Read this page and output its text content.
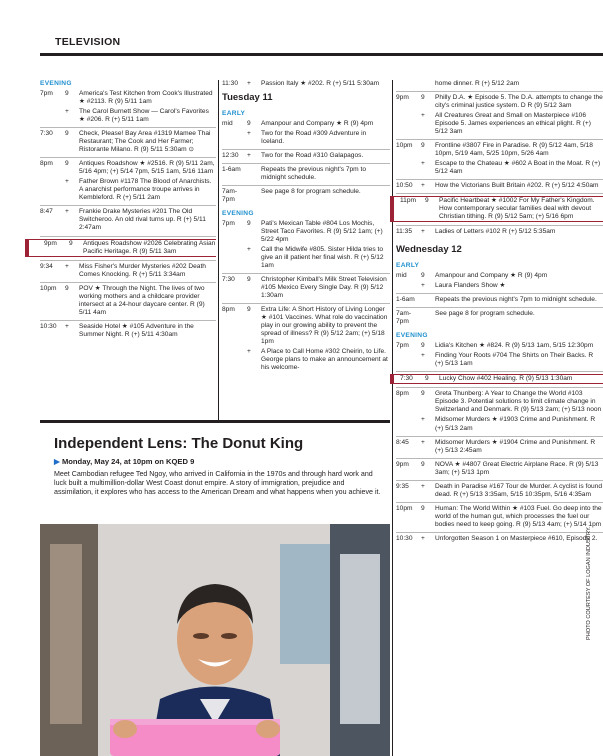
TELEVISION
EVENING
7pm	9	America's Test Kitchen from Cook's Illustrated ★ #2113. R (9) 5/11 1am
+	The Carol Burnett Show — Carol's Favorites ★ #206. R (+) 5/11 1am
7:30	9	Check, Please! Bay Area #1319 Mamee Thai Restaurant; The Cook and Her Farmer; Ristorante Milano. R (9) 5/11 5:30am ⊙
8pm	9	Antiques Roadshow ★ #2516. R (9) 5/11 2am, 5/16 4pm; (+) 5/14 7pm, 5/15 1am, 5/16 11am
+	Father Brown #1178 The Blood of Anarchists. A anarchist performance troupe arrives in Kembleford. R (+) 5/11 2am
8:47	+	Frankie Drake Mysteries #201 The Old Switcheroo. An old rival turns up. R (+) 5/11 2:47am
9pm	9	Antiques Roadshow #2026 Celebrating Asian Pacific Heritage. R (9) 5/11 3am
9:34	+	Miss Fisher's Murder Mysteries #202 Death Comes Knocking. R (+) 5/11 3:34am
10pm	9	POV ★ Through the Night. The lives of two working mothers and a childcare provider intersect at a 24-hour daycare center. R (9) 5/11 4am
10:30	+	Seaside Hotel ★ #105 Adventure in the Summer Night. R (+) 5/11 4:30am
11:30	+	Passion Italy ★ #202. R (+) 5/11 5:30am
Tuesday 11
EARLY
mid	9	Amanpour and Company ★ R (9) 4pm
+	Two for the Road #309 Adventure in Iceland.
12:30	+	Two for the Road #310 Galapagos.
1-6am	Repeats the previous night's 7pm to midnight schedule.
7am-7pm
See page 8 for program schedule.
EVENING
7pm	9	Pati's Mexican Table #804 Los Mochis, Street Taco Favorites. R (9) 5/12 1am; (+) 5/22 4pm
+	Call the Midwife #805. Sister Hilda tries to give an ill patient her final wish. R (+) 5/12 1am
7:30	9	Christopher Kimball's Milk Street Television #105 Mexico Every Single Day. R (9) 5/12 1:30am
8pm	9	Extra Life: A Short History of Living Longer ★ #101 Vaccines. What role do vaccination play in our growing ability to prevent the spread of illness? R (9) 5/12 2am; (+) 5/18 1pm
+	A Place to Call Home #302 Cheirin, to Life. George plans to make an announcement at his welcome-
home dinner. R (+) 5/12 2am
9pm	9	Philly D.A. ★ Episode 5. The D.A. attempts to change the city's criminal justice system. D R (9) 5/12 3am
+	All Creatures Great and Small on Masterpiece #106 Episode 5. James experiences an ethical plight. R (+) 5/12 3am
10pm	9	Frontline #3807 Fire in Paradise. R (9) 5/12 4am, 5/18 10pm, 5/19 4am, 5/25 10pm, 5/26 4am
+	Escape to the Chateau ★ #602 A Boat in the Moat. R (+) 5/12 4am
10:50	+	How the Victorians Built Britain #202. R (+) 5/12 4:50am
11pm	9	Pacific Heartbeat ★ #1002 For My Father's Kingdom. How contemporary secular families deal with devout Christian tithing. R (9) 5/12 5am; (+) 5/16 6pm
11:35	+	Ladies of Letters #102 R (+) 5/12 5:35am
Wednesday 12
EARLY
mid	9	Amanpour and Company ★ R (9) 4pm
+	Laura Flanders Show ★
1-6am	Repeats the previous night's 7pm to midnight schedule.
7am-7pm
See page 8 for program schedule.
EVENING
7pm	9	Lidia's Kitchen ★ #824. R (9) 5/13 1am, 5/15 12:30pm
+	Finding Your Roots #704 The Shirts on Their Backs. R (+) 5/13 1am
7:30	9	Lucky Chow #402 Healing. R (9) 5/13 1:30am
8pm	9	Greta Thunberg: A Year to Change the World #103 Episode 3. Potential solutions to limit climate change in Switzerland and Denmark. R (9) 5/13 2am; (+) 5/13 noon
+	Midsomer Murders ★ #1903 Crime and Punishment. R (+) 5/13 2am
8:45	+	Midsomer Murders ★ #1904 Crime and Punishment. R (+) 5/13 2:45am
9pm	9	NOVA ★ #4807 Great Electric Airplane Race. R (9) 5/13 3am; (+) 5/13 1pm
9:35	+	Death in Paradise #167 Tour de Murder. A cyclist is found dead. R (+) 5/13 3:35am, 5/15 10:35pm, 5/16 4:35am
10pm	9	Human: The World Within ★ #103 Fuel. Go deep into the world of the human gut, which processes the fuel our bodies need to keep going. R (9) 5/13 4am; (+) 5/14 1pm
10:30	+	Unforgotten Season 1 on Masterpiece #610, Episode 2.
Independent Lens: The Donut King
▶ Monday, May 24, at 10pm on KQED 9
Meet Cambodian refugee Ted Ngoy, who arrived in California in the 1970s and through hard work and luck built a multimillion-dollar West Coast donut empire. A story of immigration, prejudice and assimilation, it explores who has access to the American Dream and what happens when you achieve it.
PHOTO COURTESY OF LOGAN INDUSTRY.
